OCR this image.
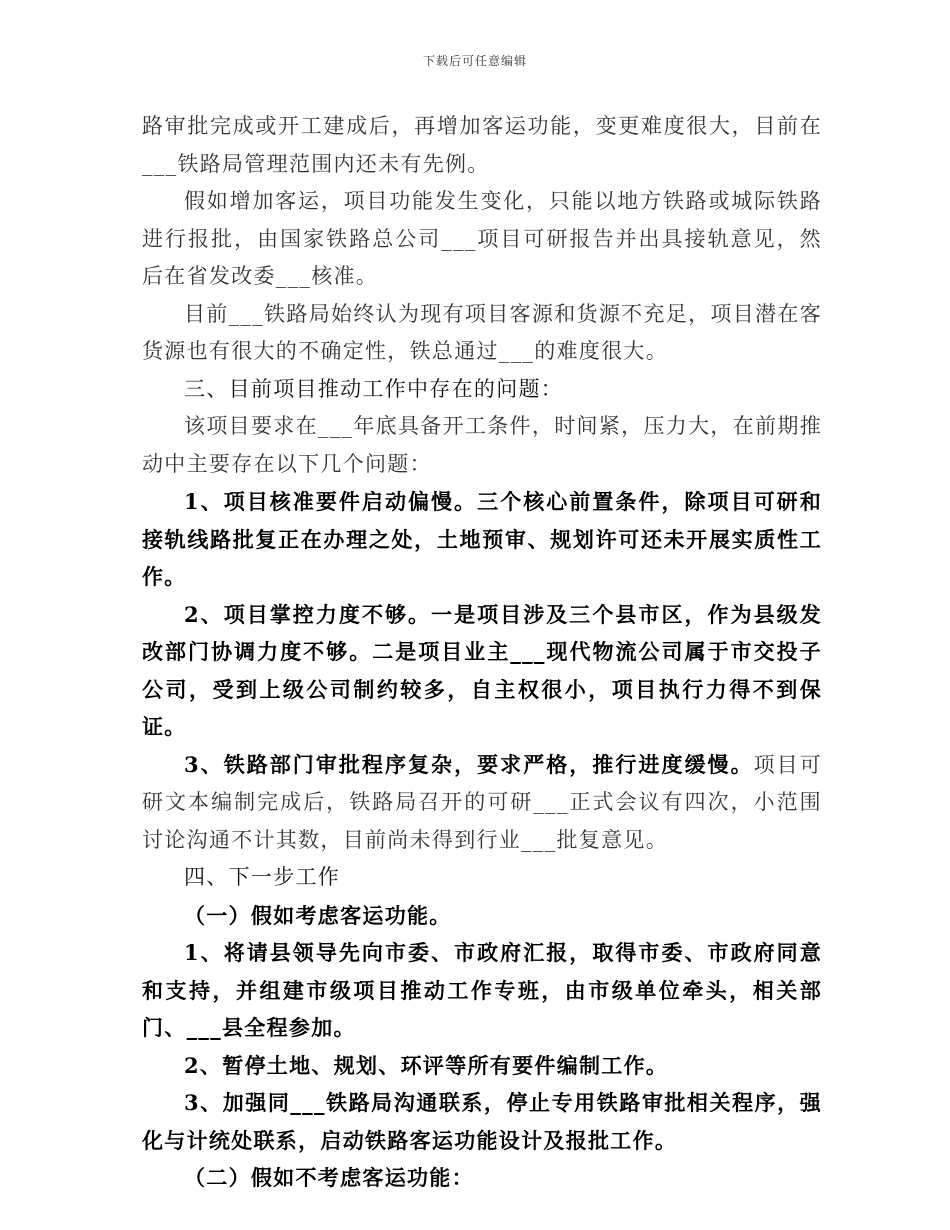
下载后可任意编辑

路审批完成或开工建成后，再增加客运功能，变更难度很大，目前在___铁路局管理范围内还未有先例。

假如增加客运，项目功能发生变化，只能以地方铁路或城际铁路进行报批，由国家铁路总公司___项目可研报告并出具接轨意见，然后在省发改委___核准。

目前___铁路局始终认为现有项目客源和货源不充足，项目潜在客货源也有很大的不确定性，铁总通过___的难度很大。

三、目前项目推动工作中存在的问题：

该项目要求在___年底具备开工条件，时间紧，压力大，在前期推动中主要存在以下几个问题：

1、项目核准要件启动偏慢。三个核心前置条件，除项目可研和接轨线路批复正在办理之处，土地预审、规划许可还未开展实质性工作。

2、项目掌控力度不够。一是项目涉及三个县市区，作为县级发改部门协调力度不够。二是项目业主___现代物流公司属于市交投子公司，受到上级公司制约较多，自主权很小，项目执行力得不到保证。

3、铁路部门审批程序复杂，要求严格，推行进度缓慢。项目可研文本编制完成后，铁路局召开的可研___正式会议有四次，小范围讨论沟通不计其数，目前尚未得到行业___批复意见。

四、下一步工作

（一）假如考虑客运功能。

1、将请县领导先向市委、市政府汇报，取得市委、市政府同意和支持，并组建市级项目推动工作专班，由市级单位牵头，相关部门、___县全程参加。

2、暂停土地、规划、环评等所有要件编制工作。

3、加强同___铁路局沟通联系，停止专用铁路审批相关程序，强化与计统处联系，启动铁路客运功能设计及报批工作。

（二）假如不考虑客运功能：
